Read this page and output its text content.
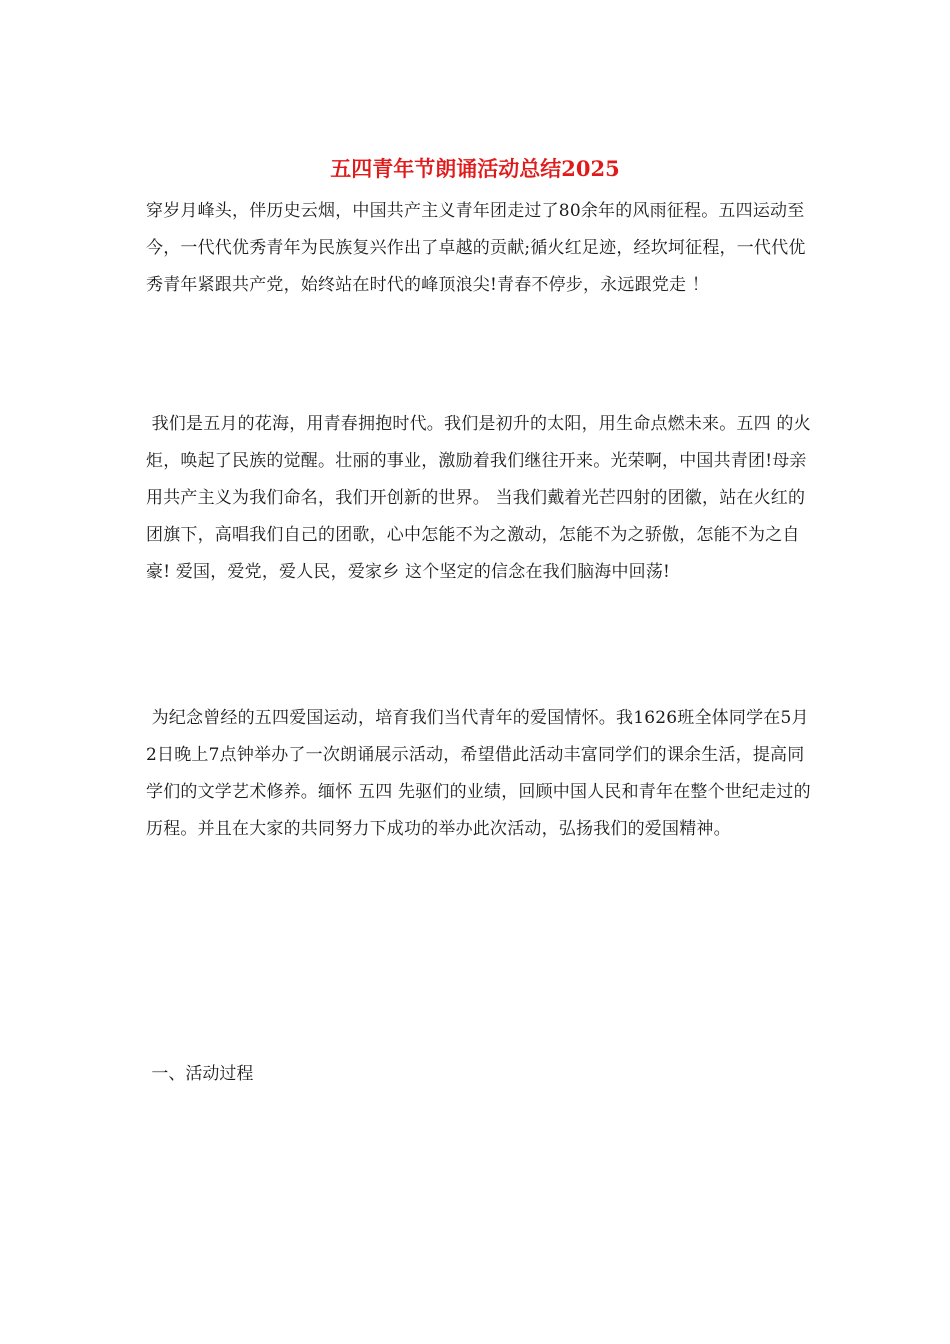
五四青年节朗诵活动总结2025

穿岁月峰头，伴历史云烟，中国共产主义青年团走过了80余年的风雨征程。五四运动至今，一代代优秀青年为民族复兴作出了卓越的贡献;循火红足迹，经坎坷征程，一代代优秀青年紧跟共产党，始终站在时代的峰顶浪尖!青春不停步，永远跟党走 ！

我们是五月的花海，用青春拥抱时代。我们是初升的太阳，用生命点燃未来。五四 的火炬，唤起了民族的觉醒。壮丽的事业，激励着我们继往开来。光荣啊，中国共青团!母亲用共产主义为我们命名，我们开创新的世界。 当我们戴着光芒四射的团徽，站在火红的团旗下，高唱我们自己的团歌，心中怎能不为之激动，怎能不为之骄傲，怎能不为之自豪! 爱国，爱党，爱人民，爱家乡 这个坚定的信念在我们脑海中回荡!

为纪念曾经的五四爱国运动，培育我们当代青年的爱国情怀。我1626班全体同学在5月2日晚上7点钟举办了一次朗诵展示活动，希望借此活动丰富同学们的课余生活，提高同学们的文学艺术修养。缅怀 五四 先驱们的业绩，回顾中国人民和青年在整个世纪走过的历程。并且在大家的共同努力下成功的举办此次活动，弘扬我们的爱国精神。

一、活动过程
